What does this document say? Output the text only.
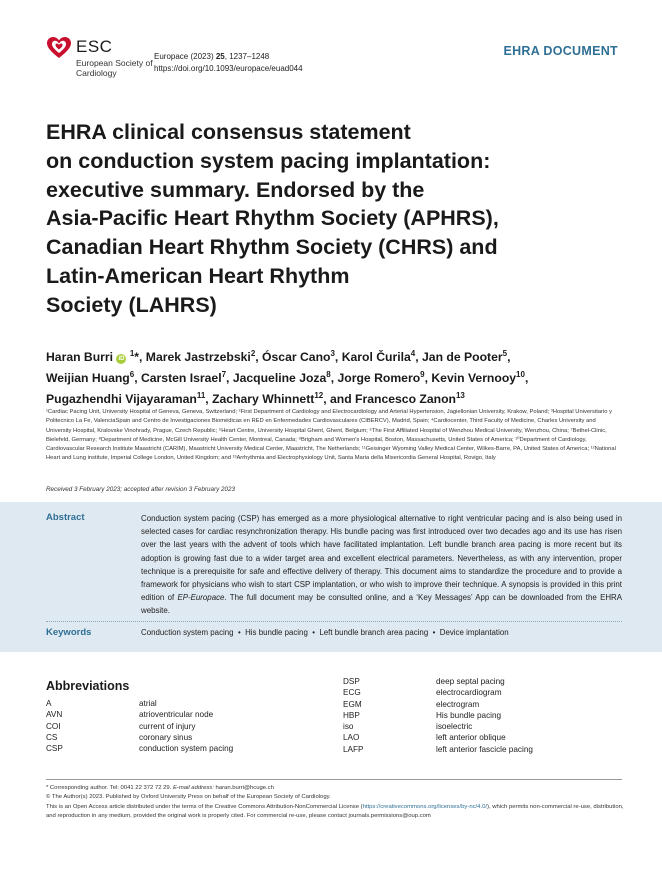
ESC
European Society of Cardiology
Europace (2023) 25, 1237–1248
https://doi.org/10.1093/europace/euad044
EHRA DOCUMENT
EHRA clinical consensus statement
on conduction system pacing implantation:
executive summary. Endorsed by the
Asia-Pacific Heart Rhythm Society (APHRS),
Canadian Heart Rhythm Society (CHRS) and
Latin-American Heart Rhythm
Society (LAHRS)
Haran Burri iD $^1$*, Marek Jastrzebski$^2$, Óscar Cano$^3$, Karol Čurila$^4$, Jan de Pooter$^5$,
Weijian Huang$^6$, Carsten Israel$^7$, Jacqueline Joza$^8$, Jorge Romero$^9$, Kevin Vernooy$^{10}$,
Pugazhendhi Vijayaraman$^{11}$, Zachary Whinnett$^{12}$, and Francesco Zanon$^{13}$
¹Cardiac Pacing Unit, University Hospital of Geneva, Geneva, Switzerland; ²First Department of Cardiology and Electrocardiology and Arterial Hypertension, Jagiellonian University, Krakow, Poland; ³Hospital Universitario y Politecnico La Fe, ValenciaSpain and Centro de Investigaciones Biomédicas en RED en Enfermedades Cardiovasculares (CIBERCV), Madrid, Spain; ⁴Cardiocenter, Third Faculty of Medicine, Charles University and University Hospital, Kralovske Vinohrady, Prague, Czech Republic; ⁵Heart Centre, University Hospital Ghent, Ghent, Belgium; ⁶The First Affiliated Hospital of Wenzhou Medical University, Wenzhou, China; ⁷Bethel-Clinic, Bielefeld, Germany; ⁸Department of Medicine, McGill University Health Center, Montreal, Canada; ⁹Brigham and Women's Hospital, Boston, Massachusetts, United States of America; ¹⁰Department of Cardiology, Cardiovascular Research Institute Maastricht (CARIM), Maastricht University Medical Center, Maastricht, The Netherlands; ¹¹Geisinger Wyoming Valley Medical Center, Wilkes-Barre, PA, United States of America; ¹²National Heart and Lung institute, Imperial College London, United Kingdom; and ¹³Arrhythmia and Electrophysiology Unit, Santa Maria della Misericordia General Hospital, Rovigo, Italy
Received 3 February 2023; accepted after revision 3 February 2023
Abstract	Conduction system pacing (CSP) has emerged as a more physiological alternative to right ventricular pacing and is also being used in selected cases for cardiac resynchronization therapy. His bundle pacing was first introduced over two decades ago and its use has risen over the last years with the advent of tools which have facilitated implantation. Left bundle branch area pacing is more recent but its adoption is growing fast due to a wider target area and excellent electrical parameters. Nevertheless, as with any intervention, proper technique is a prerequisite for safe and effective delivery of therapy. This document aims to standardize the procedure and to provide a framework for physicians who wish to start CSP implantation, or who wish to improve their technique. A synopsis is provided in this print edition of EP-Europace. The full document may be consulted online, and a ‘Key Messages’ App can be downloaded from the EHRA website.
Keywords	Conduction system pacing  •  His bundle pacing  •  Left bundle branch area pacing  •  Device implantation
Abbreviations
A	atrial
AVN	atrioventricular node
COI	current of injury
CS	coronary sinus
CSP	conduction system pacing
DSP	deep septal pacing
ECG	electrocardiogram
EGM	electrogram
HBP	His bundle pacing
iso	isoelectric
LAO	left anterior oblique
LAFP	left anterior fascicle pacing
* Corresponding author. Tel: 0041 22 372 72 29. E-mail address: haran.burri@hcuge.ch
© The Author(s) 2023. Published by Oxford University Press on behalf of the European Society of Cardiology.
This is an Open Access article distributed under the terms of the Creative Commons Attribution-NonCommercial License (https://creativecommons.org/licenses/by-nc/4.0/), which permits non-commercial re-use, distribution, and reproduction in any medium, provided the original work is properly cited. For commercial re-use, please contact journals.permissions@oup.com
